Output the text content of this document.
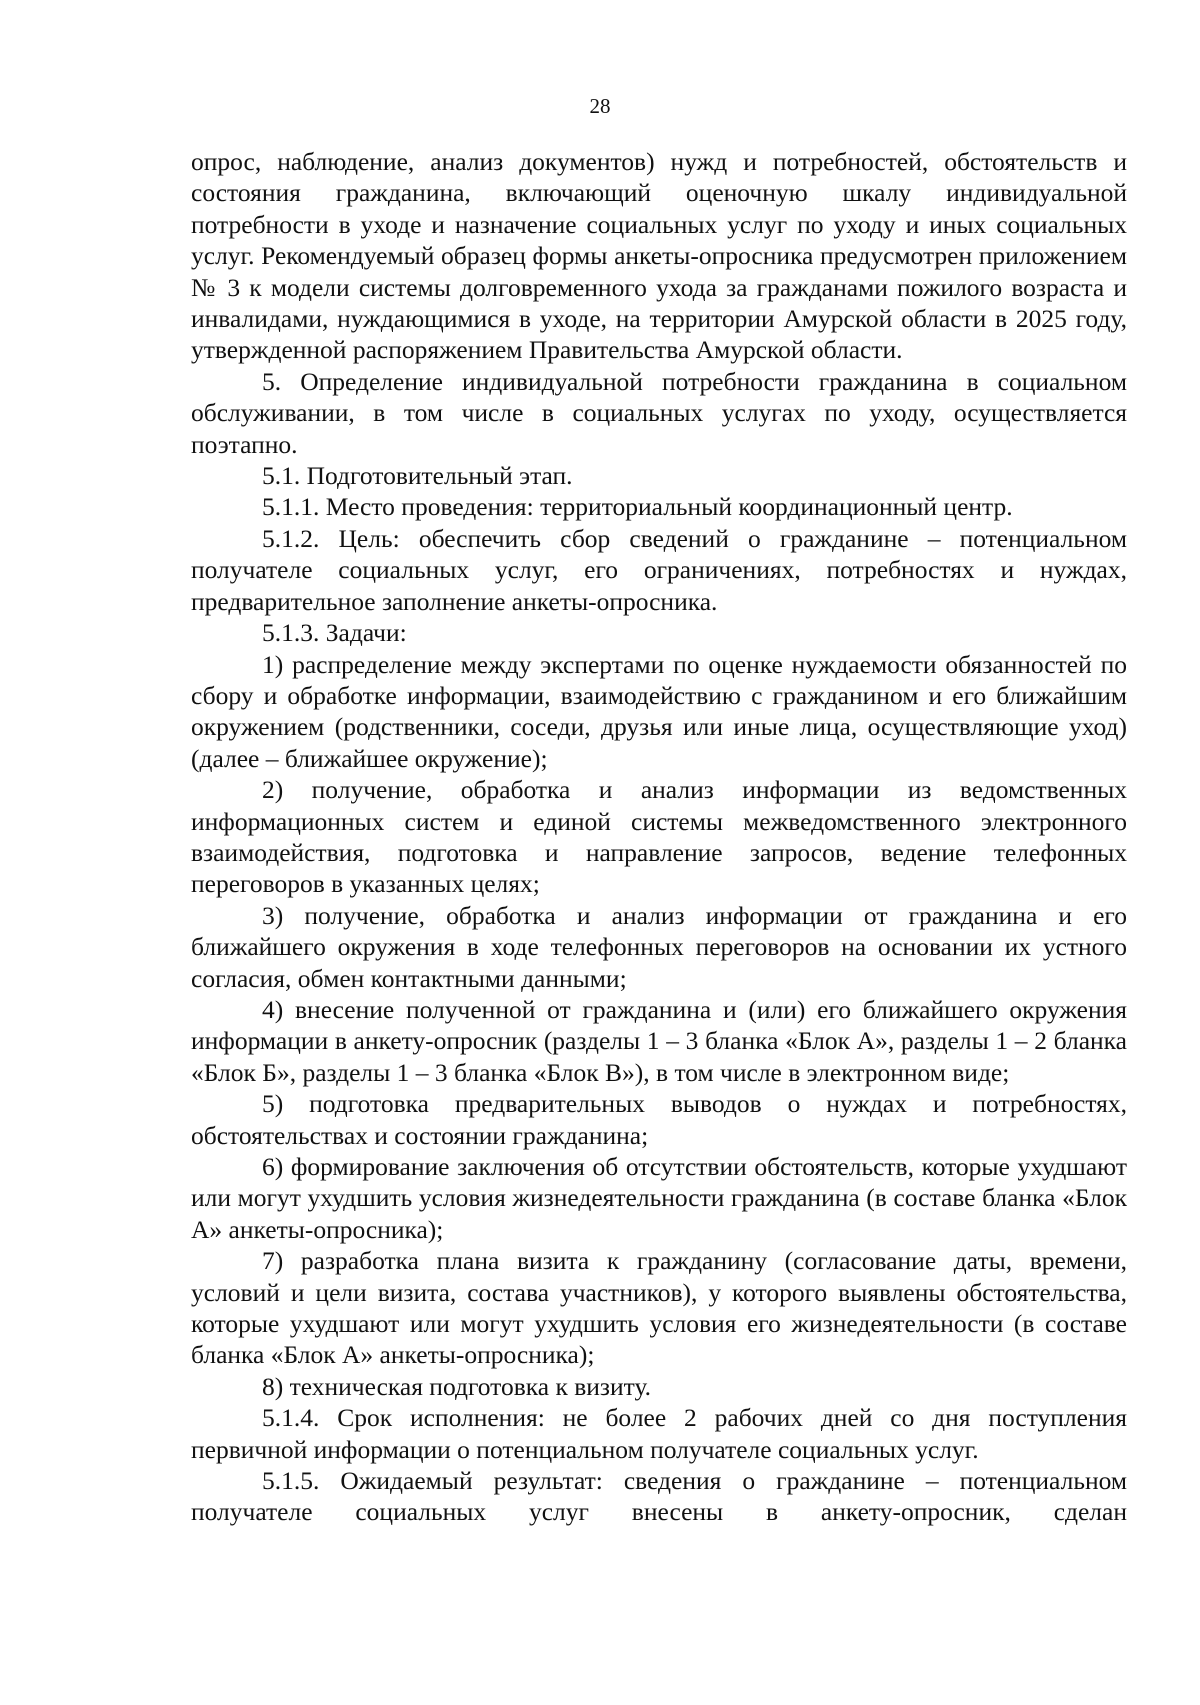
28

опрос, наблюдение, анализ документов) нужд и потребностей, обстоятельств и состояния гражданина, включающий оценочную шкалу индивидуальной потребности в уходе и назначение социальных услуг по уходу и иных социальных услуг. Рекомендуемый образец формы анкеты-опросника предусмотрен приложением № 3 к модели системы долговременного ухода за гражданами пожилого возраста и инвалидами, нуждающимися в уходе, на территории Амурской области в 2025 году, утвержденной распоряжением Правительства Амурской области.

5. Определение индивидуальной потребности гражданина в социальном обслуживании, в том числе в социальных услугах по уходу, осуществляется поэтапно.

5.1. Подготовительный этап.

5.1.1. Место проведения: территориальный координационный центр.

5.1.2. Цель: обеспечить сбор сведений о гражданине – потенциальном получателе социальных услуг, его ограничениях, потребностях и нуждах, предварительное заполнение анкеты-опросника.

5.1.3. Задачи:

1) распределение между экспертами по оценке нуждаемости обязанностей по сбору и обработке информации, взаимодействию с гражданином и его ближайшим окружением (родственники, соседи, друзья или иные лица, осуществляющие уход) (далее – ближайшее окружение);

2) получение, обработка и анализ информации из ведомственных информационных систем и единой системы межведомственного электронного взаимодействия, подготовка и направление запросов, ведение телефонных переговоров в указанных целях;

3) получение, обработка и анализ информации от гражданина и его ближайшего окружения в ходе телефонных переговоров на основании их устного согласия, обмен контактными данными;

4) внесение полученной от гражданина и (или) его ближайшего окружения информации в анкету-опросник (разделы 1 – 3 бланка «Блок А», разделы 1 – 2 бланка «Блок Б», разделы 1 – 3 бланка «Блок В»), в том числе в электронном виде;

5) подготовка предварительных выводов о нуждах и потребностях, обстоятельствах и состоянии гражданина;

6) формирование заключения об отсутствии обстоятельств, которые ухудшают или могут ухудшить условия жизнедеятельности гражданина (в составе бланка «Блок А» анкеты-опросника);

7) разработка плана визита к гражданину (согласование даты, времени, условий и цели визита, состава участников), у которого выявлены обстоятельства, которые ухудшают или могут ухудшить условия его жизнедеятельности (в составе бланка «Блок А» анкеты-опросника);

8) техническая подготовка к визиту.

5.1.4. Срок исполнения: не более 2 рабочих дней со дня поступления первичной информации о потенциальном получателе социальных услуг.

5.1.5. Ожидаемый результат: сведения о гражданине – потенциальном получателе социальных услуг внесены в анкету-опросник, сделан
